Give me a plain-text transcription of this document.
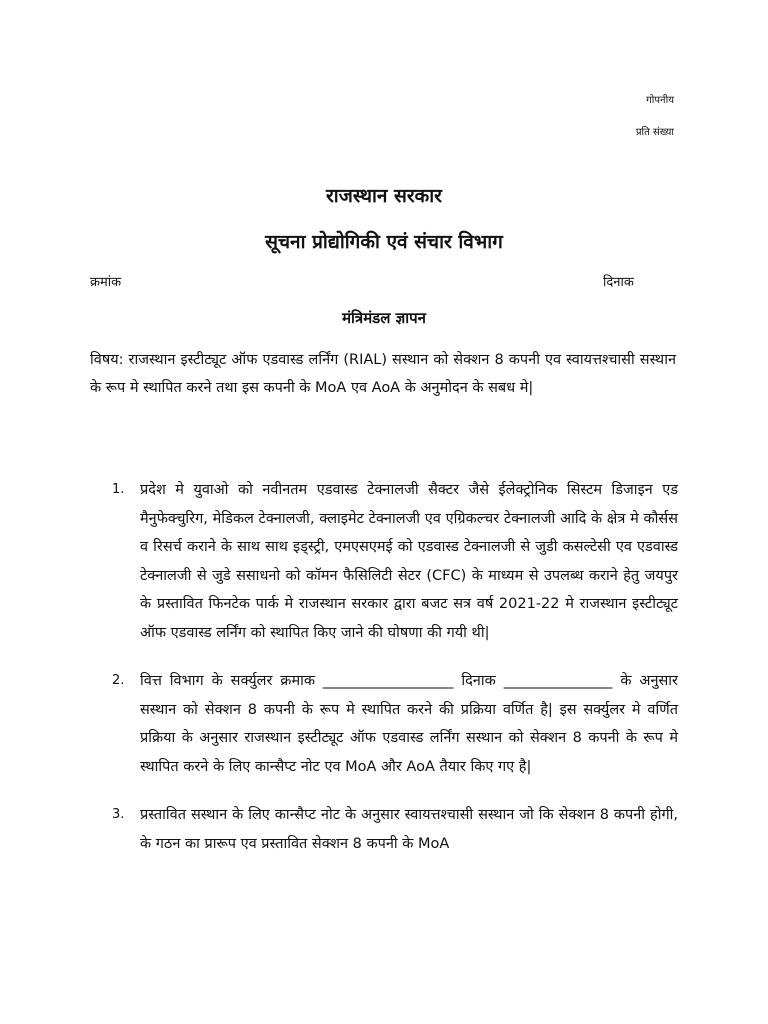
गोपनीय
प्रति संख्या
राजस्थान सरकार
सूचना प्रोद्योगिकी एवं संचार विभाग
क्रमांक	दिनाक
मंत्रिमंडल ज्ञापन
विषय: राजस्थान इस्टीट्यूट ऑफ एडवास्ड लर्निंग (RIAL) सस्थान को सेक्शन 8 कपनी एव स्वायत्तश्चासी सस्थान के रूप मे स्थापित करने तथा इस कपनी के MoA एव AoA के अनुमोदन के सबध मे|
1. प्रदेश मे युवाओ को नवीनतम एडवास्ड टेक्नालजी सैक्टर जैसे ईलेक्ट्रोनिक सिस्टम डिजाइन एड मैनुफेक्चुरिग, मेडिकल टेक्नालजी, क्लाइमेट टेक्नालजी एव एग्रिकल्चर टेक्नालजी आदि के क्षेत्र मे कौर्सस व रिसर्च कराने के साथ साथ इड्स्ट्री, एमएसएमई को एडवास्ड टेक्नालजी से जुडी कसल्टेसी एव एडवास्ड टेक्नालजी से जुडे ससाधनो को कॉमन फैसिलिटी सेटर (CFC) के माध्यम से उपलब्ध कराने हेतु जयपुर के प्रस्तावित फिनटेक पार्क मे राजस्थान सरकार द्वारा बजट सत्र वर्ष 2021-22 मे राजस्थान इस्टीट्यूट ऑफ एडवास्ड लर्निंग को स्थापित किए जाने की घोषणा की गयी थी|
2. वित्त विभाग के सर्क्युलर क्रमाक __________________ दिनाक _______________ के अनुसार सस्थान को सेक्शन 8 कपनी के रूप मे स्थापित करने की प्रक्रिया वर्णित है| इस सर्क्युलर मे वर्णित प्रक्रिया के अनुसार राजस्थान इस्टीट्यूट ऑफ एडवास्ड लर्निंग सस्थान को सेक्शन 8 कपनी के रूप मे स्थापित करने के लिए कान्सैप्ट नोट एव MoA और AoA तैयार किए गए है|
3. प्रस्तावित सस्थान के लिए कान्सैप्ट नोट के अनुसार स्वायत्तश्चासी सस्थान जो कि सेक्शन 8 कपनी होगी, के गठन का प्रारूप एव प्रस्तावित सेक्शन 8 कपनी के MoA
